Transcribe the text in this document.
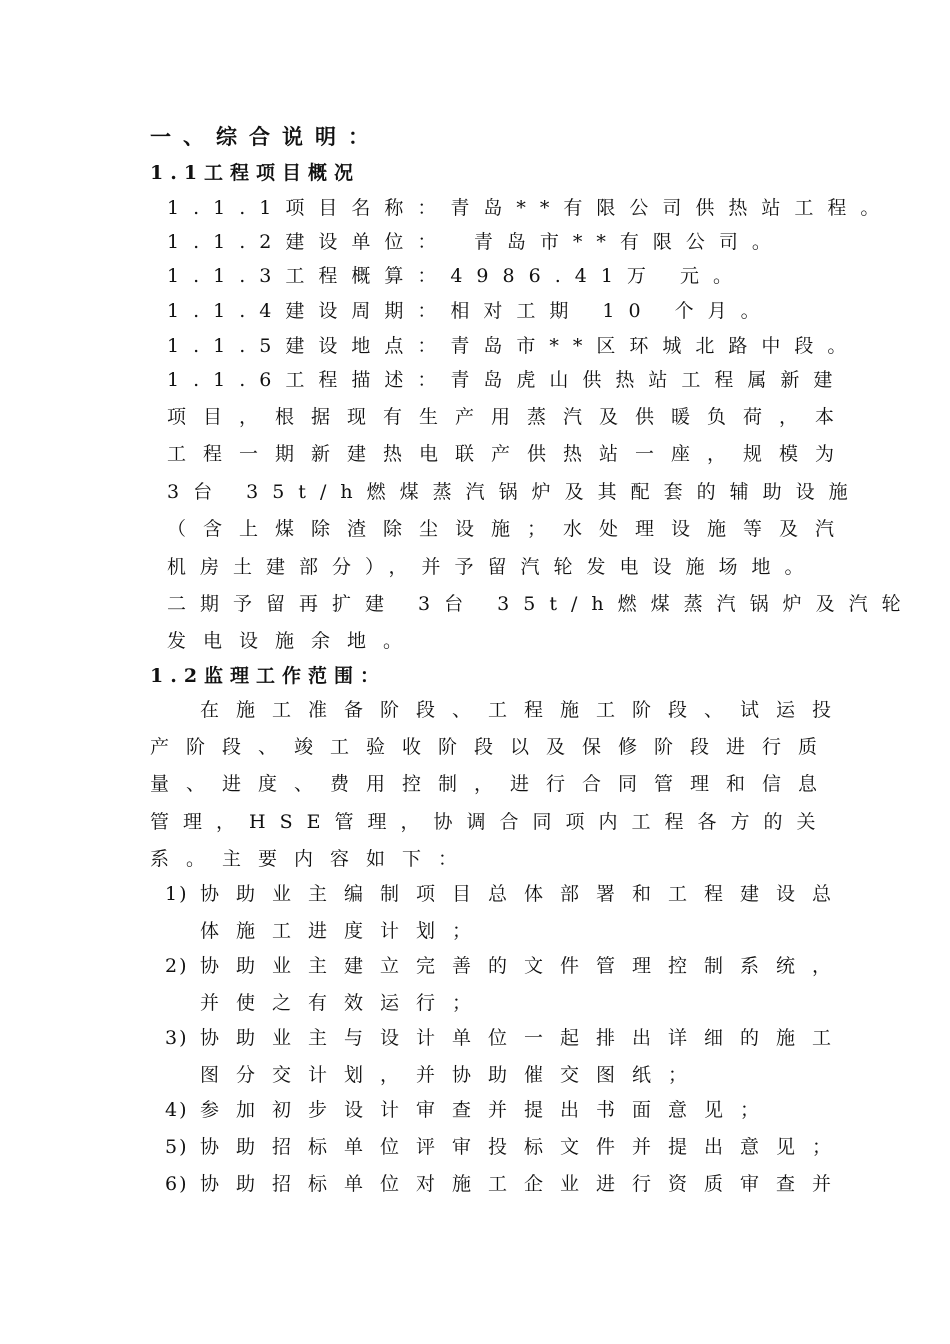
一、综合说明：
1.1工程项目概况
1.1.1项目名称：青岛**有限公司供热站工程。
1.1.2建设单位：　青岛市**有限公司。
1.1.3工程概算：4986.41万 元。
1.1.4建设周期：相对工期 10 个月。
1.1.5建设地点：青岛市**区环城北路中段。
1.1.6工程描述：青岛虎山供热站工程属新建
项目，根据现有生产用蒸汽及供暖负荷，本
工程一期新建热电联产供热站一座，规模为
3台 35t/h燃煤蒸汽锅炉及其配套的辅助设施
（含上煤除渣除尘设施；水处理设施等及汽
机房土建部分），并予留汽轮发电设施场地。
二期予留再扩建 3台 35t/h燃煤蒸汽锅炉及汽轮
发电设施余地。
1.2监理工作范围：
在施工准备阶段、工程施工阶段、试运投
产阶段、竣工验收阶段以及保修阶段进行质
量、进度、费用控制，进行合同管理和信息
管理，HSE管理，协调合同项内工程各方的关
系。主要内容如下：
1) 协助业主编制项目总体部署和工程建设总
体施工进度计划；
2) 协助业主建立完善的文件管理控制系统，
并使之有效运行；
3) 协助业主与设计单位一起排出详细的施工
图分交计划，并协助催交图纸；
4) 参加初步设计审查并提出书面意见；
5) 协助招标单位评审投标文件并提出意见；
6) 协助招标单位对施工企业进行资质审查并
